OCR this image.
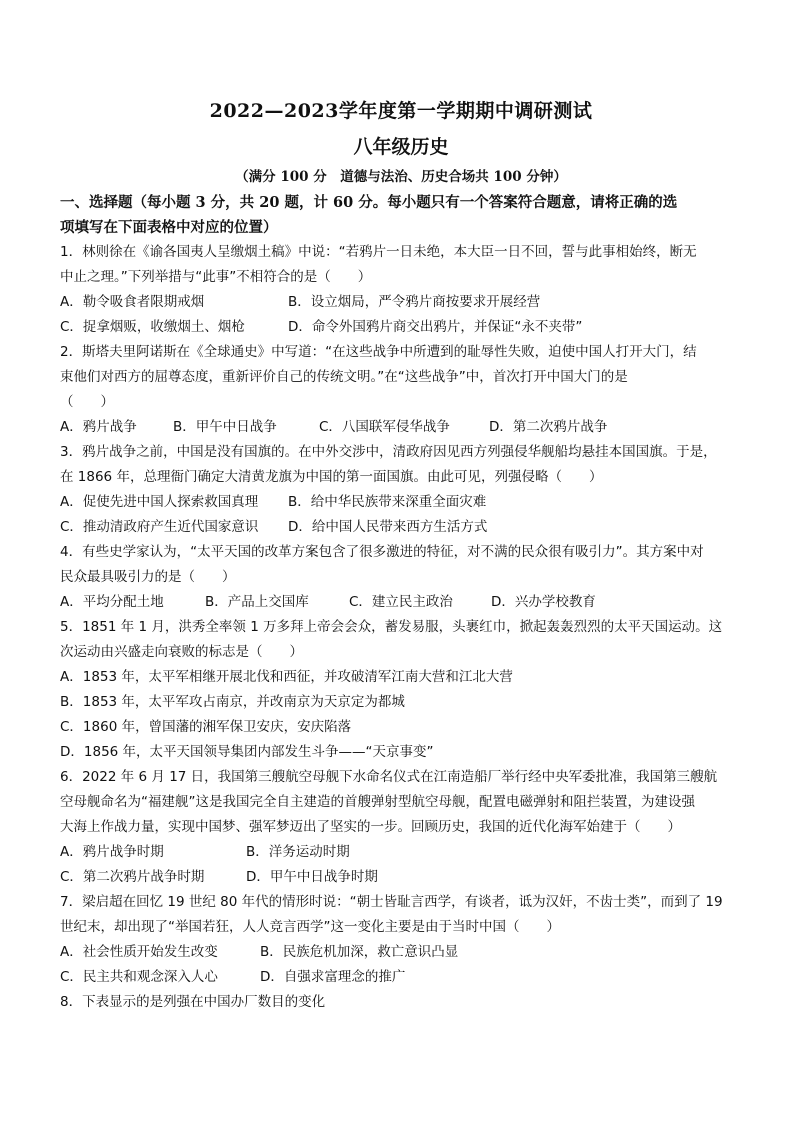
2022—2023学年度第一学期期中调研测试
八年级历史
（满分 100 分　道德与法治、历史合场共 100 分钟）
一、选择题（每小题 3 分，共 20 题，计 60 分。每小题只有一个答案符合题意，请将正确的选
项填写在下面表格中对应的位置）
1．林则徐在《谕各国夷人呈缴烟土稿》中说：“若鸦片一日未绝，本大臣一日不回，誓与此事相始终，断无
中止之理。”下列举措与“此事”不相符合的是（　　）
A．勒令吸食者限期戒烟	B．设立烟局，严令鸦片商按要求开展经营
C．捉拿烟贩，收缴烟土、烟枪	D．命令外国鸦片商交出鸦片，并保证“永不夹带”
2．斯塔夫里阿诺斯在《全球通史》中写道：“在这些战争中所遭到的耻辱性失败，迫使中国人打开大门，结
束他们对西方的屈尊态度，重新评价自己的传统文明。”在“这些战争”中，首次打开中国大门的是
（　　）
A．鸦片战争	B．甲午中日战争	C．八国联军侵华战争	D．第二次鸦片战争
3．鸦片战争之前，中国是没有国旗的。在中外交涉中，清政府因见西方列强侵华舰船均悬挂本国国旗。于是，
在 1866 年，总理衙门确定大清黄龙旗为中国的第一面国旗。由此可见，列强侵略（　　）
A．促使先进中国人探索救国真理	B．给中华民族带来深重全面灾难
C．推动清政府产生近代国家意识	D．给中国人民带来西方生活方式
4．有些史学家认为，“太平天国的改革方案包含了很多激进的特征，对不满的民众很有吸引力”。其方案中对
民众最具吸引力的是（　　）
A．平均分配土地	B．产品上交国库	C．建立民主政治	D．兴办学校教育
5．1851 年 1 月，洪秀全率领 1 万多拜上帝会会众，蓄发易服，头裹红巾，掀起轰轰烈烈的太平天国运动。这
次运动由兴盛走向衰败的标志是（　　）
A．1853 年，太平军相继开展北伐和西征，并攻破清军江南大营和江北大营
B．1853 年，太平军攻占南京，并改南京为天京定为都城
C．1860 年，曾国藩的湘军保卫安庆，安庆陷落
D．1856 年，太平天国领导集团内部发生斗争——“天京事变”
6．2022 年 6 月 17 日，我国第三艘航空母舰下水命名仪式在江南造船厂举行经中央军委批准，我国第三艘航
空母舰命名为“福建舰”这是我国完全自主建造的首艘弹射型航空母舰，配置电磁弹射和阻拦装置，为建设强
大海上作战力量，实现中国梦、强军梦迈出了坚实的一步。回顾历史，我国的近代化海军始建于（　　）
A．鸦片战争时期	B．洋务运动时期
C．第二次鸦片战争时期	D．甲午中日战争时期
7．梁启超在回忆 19 世纪 80 年代的情形时说：“朝士皆耻言西学，有谈者，诋为汉奸，不齿士类”，而到了 19
世纪末，却出现了“举国若狂，人人竞言西学”这一变化主要是由于当时中国（　　）
A．社会性质开始发生改变	B．民族危机加深，救亡意识凸显
C．民主共和观念深入人心	D．自强求富理念的推广
8．下表显示的是列强在中国办厂数目的变化
